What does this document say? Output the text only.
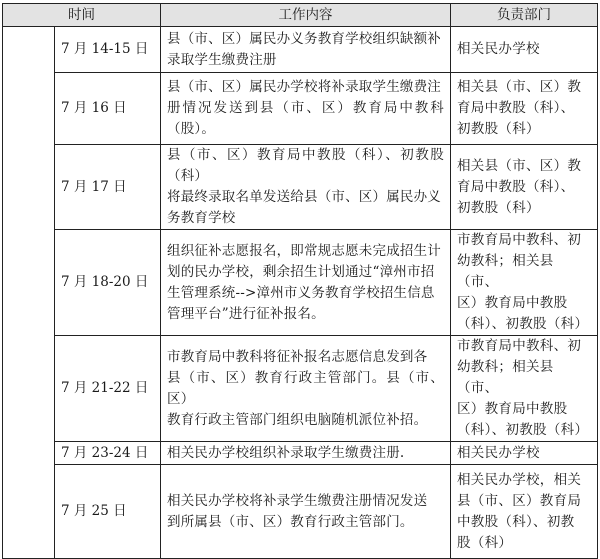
时间		工作内容	负责部门
	7 月 14-15 日	县（市、区）属民办义务教育学校组织缺额补
录取学生缴费注册	相关民办学校

	7 月 16 日	县（市、区）属民办学校将补录取学生缴费注
册情况发送到县（市、区）教育局中教科（股）。	相关县（市、区）教
育局中教股（科）、
初教股（科）

	7 月 17 日	县（市、区）教育局中教股（科）、初教股（科）
将最终录取名单发送给县（市、区）属民办义
务教育学校	相关县（市、区）教
育局中教股（科）、
初教股（科）

	7 月 18-20 日	组织征补志愿报名，即常规志愿未完成招生计
划的民办学校，剩余招生计划通过“漳州市招
生管理系统-->漳州市义务教育学校招生信息
管理平台”进行征补报名。	市教育局中教科、初
幼教科；相关县（市、
区）教育局中教股
（科）、初教股（科）

	7 月 21-22 日	市教育局中教科将征补报名志愿信息发到各
县（市、区）教育行政主管部门。县（市、区）
教育行政主管部门组织电脑随机派位补招。	市教育局中教科、初
幼教科；相关县（市、
区）教育局中教股
（科）、初教股（科）

	7 月 23-24 日	相关民办学校组织补录取学生缴费注册.	相关民办学校

	7 月 25 日	相关民办学校将补录学生缴费注册情况发送
到所属县（市、区）教育行政主管部门。	相关民办学校，相关
县（市、区）教育局
中教股（科）、初教
股（科）
